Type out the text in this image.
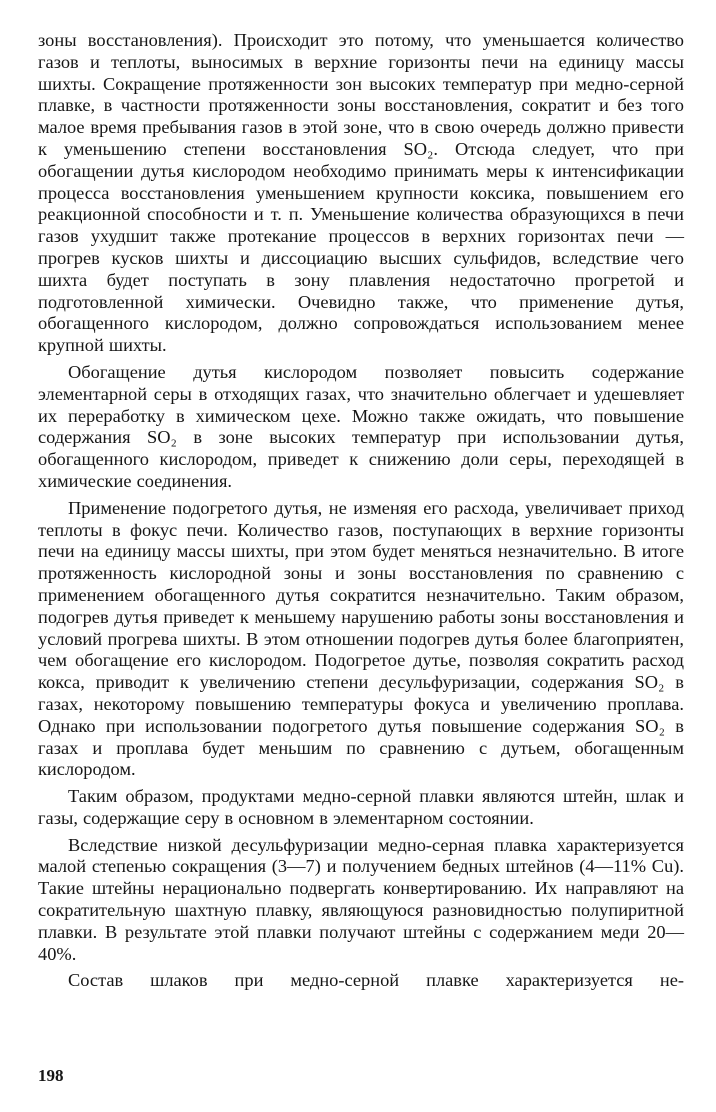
зоны восстановления). Происходит это потому, что уменьшается количество газов и теплоты, выносимых в верхние горизонты печи на единицу массы шихты. Сокращение протяженности зон высоких температур при медно-серной плавке, в частности протяженности зоны восстановления, сократит и без того малое время пребывания газов в этой зоне, что в свою очередь должно привести к уменьшению степени восстановления SO₂. Отсюда следует, что при обогащении дутья кислородом необходимо принимать меры к интенсификации процесса восстановления уменьшением крупности коксика, повышением его реакционной способности и т. п. Уменьшение количества образующихся в печи газов ухудшит также протекание процессов в верхних горизонтах печи — прогрев кусков шихты и диссоциацию высших сульфидов, вследствие чего шихта будет поступать в зону плавления недостаточно прогретой и подготовленной химически. Очевидно также, что применение дутья, обогащенного кислородом, должно сопровождаться использованием менее крупной шихты.

Обогащение дутья кислородом позволяет повысить содержание элементарной серы в отходящих газах, что значительно облегчает и удешевляет их переработку в химическом цехе. Можно также ожидать, что повышение содержания SO₂ в зоне высоких температур при использовании дутья, обогащенного кислородом, приведет к снижению доли серы, переходящей в химические соединения.

Применение подогретого дутья, не изменяя его расхода, увеличивает приход теплоты в фокус печи. Количество газов, поступающих в верхние горизонты печи на единицу массы шихты, при этом будет меняться незначительно. В итоге протяженность кислородной зоны и зоны восстановления по сравнению с применением обогащенного дутья сократится незначительно. Таким образом, подогрев дутья приведет к меньшему нарушению работы зоны восстановления и условий прогрева шихты. В этом отношении подогрев дутья более благоприятен, чем обогащение его кислородом. Подогретое дутье, позволяя сократить расход кокса, приводит к увеличению степени десульфуризации, содержания SO₂ в газах, некоторому повышению температуры фокуса и увеличению проплава. Однако при использовании подогретого дутья повышение содержания SO₂ в газах и проплава будет меньшим по сравнению с дутьем, обогащенным кислородом.

Таким образом, продуктами медно-серной плавки являются штейн, шлак и газы, содержащие серу в основном в элементарном состоянии.

Вследствие низкой десульфуризации медно-серная плавка характеризуется малой степенью сокращения (3—7) и получением бедных штейнов (4—11% Cu). Такие штейны нерационально подвергать конвертированию. Их направляют на сократительную шахтную плавку, являющуюся разновидностью полупиритной плавки. В результате этой плавки получают штейны с содержанием меди 20—40%.

Состав шлаков при медно-серной плавке характеризуется не-

198
